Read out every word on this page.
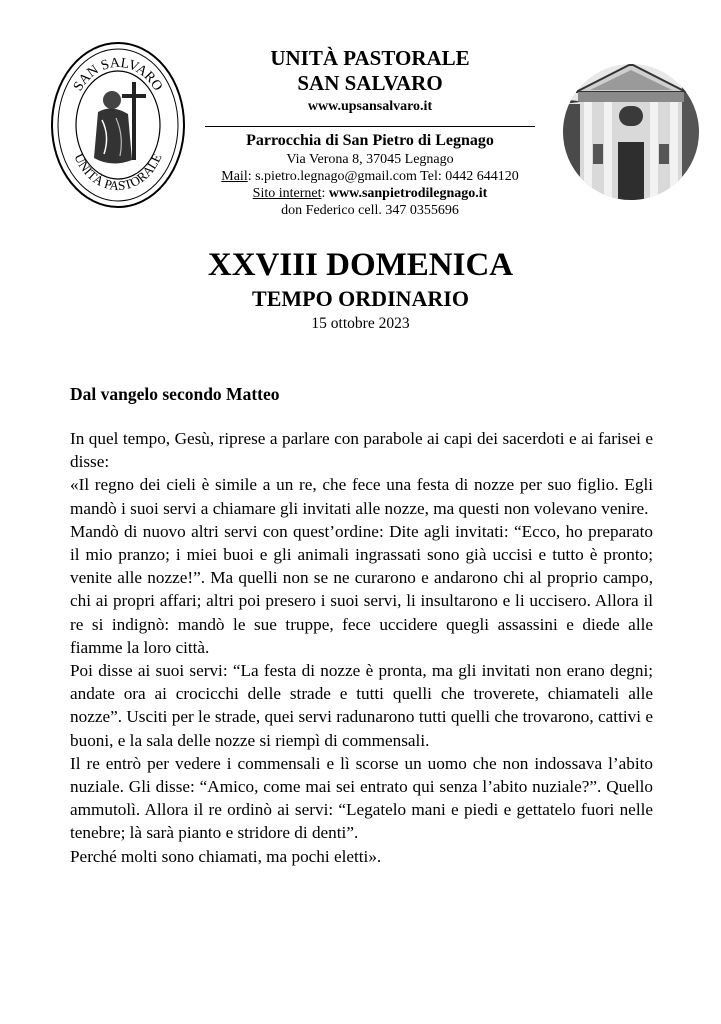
SAN SALVARO
UNITÀ PASTORALE
UNITÀ PASTORALE
SAN SALVARO
www.upsansalvaro.it
Parrocchia di San Pietro di Legnago
Via Verona 8, 37045 Legnago
Mail: s.pietro.legnago@gmail.com Tel: 0442 644120
Sito internet: www.sanpietrodilegnago.it
don Federico cell. 347 0355696
XXVIII DOMENICA
TEMPO ORDINARIO
15 ottobre 2023
Dal vangelo secondo Matteo

In quel tempo, Gesù, riprese a parlare con parabole ai capi dei sacerdoti e ai farisei e disse:

«Il regno dei cieli è simile a un re, che fece una festa di nozze per suo figlio. Egli mandò i suoi servi a chiamare gli invitati alle nozze, ma questi non volevano venire.

Mandò di nuovo altri servi con quest’ordine: Dite agli invitati: “Ecco, ho preparato il mio pranzo; i miei buoi e gli animali ingrassati sono già uccisi e tutto è pronto; venite alle nozze!”. Ma quelli non se ne curarono e andarono chi al proprio campo, chi ai propri affari; altri poi presero i suoi servi, li insultarono e li uccisero. Allora il re si indignò: mandò le sue truppe, fece uccidere quegli assassini e diede alle fiamme la loro città.

Poi disse ai suoi servi: “La festa di nozze è pronta, ma gli invitati non erano degni; andate ora ai crocicchi delle strade e tutti quelli che troverete, chiamateli alle nozze”. Usciti per le strade, quei servi radunarono tutti quelli che trovarono, cattivi e buoni, e la sala delle nozze si riempì di commensali.

Il re entrò per vedere i commensali e lì scorse un uomo che non indossava l’abito nuziale. Gli disse: “Amico, come mai sei entrato qui senza l’abito nuziale?”. Quello ammutolì. Allora il re ordinò ai servi: “Legatelo mani e piedi e gettatelo fuori nelle tenebre; là sarà pianto e stridore di denti”.

Perché molti sono chiamati, ma pochi eletti».
